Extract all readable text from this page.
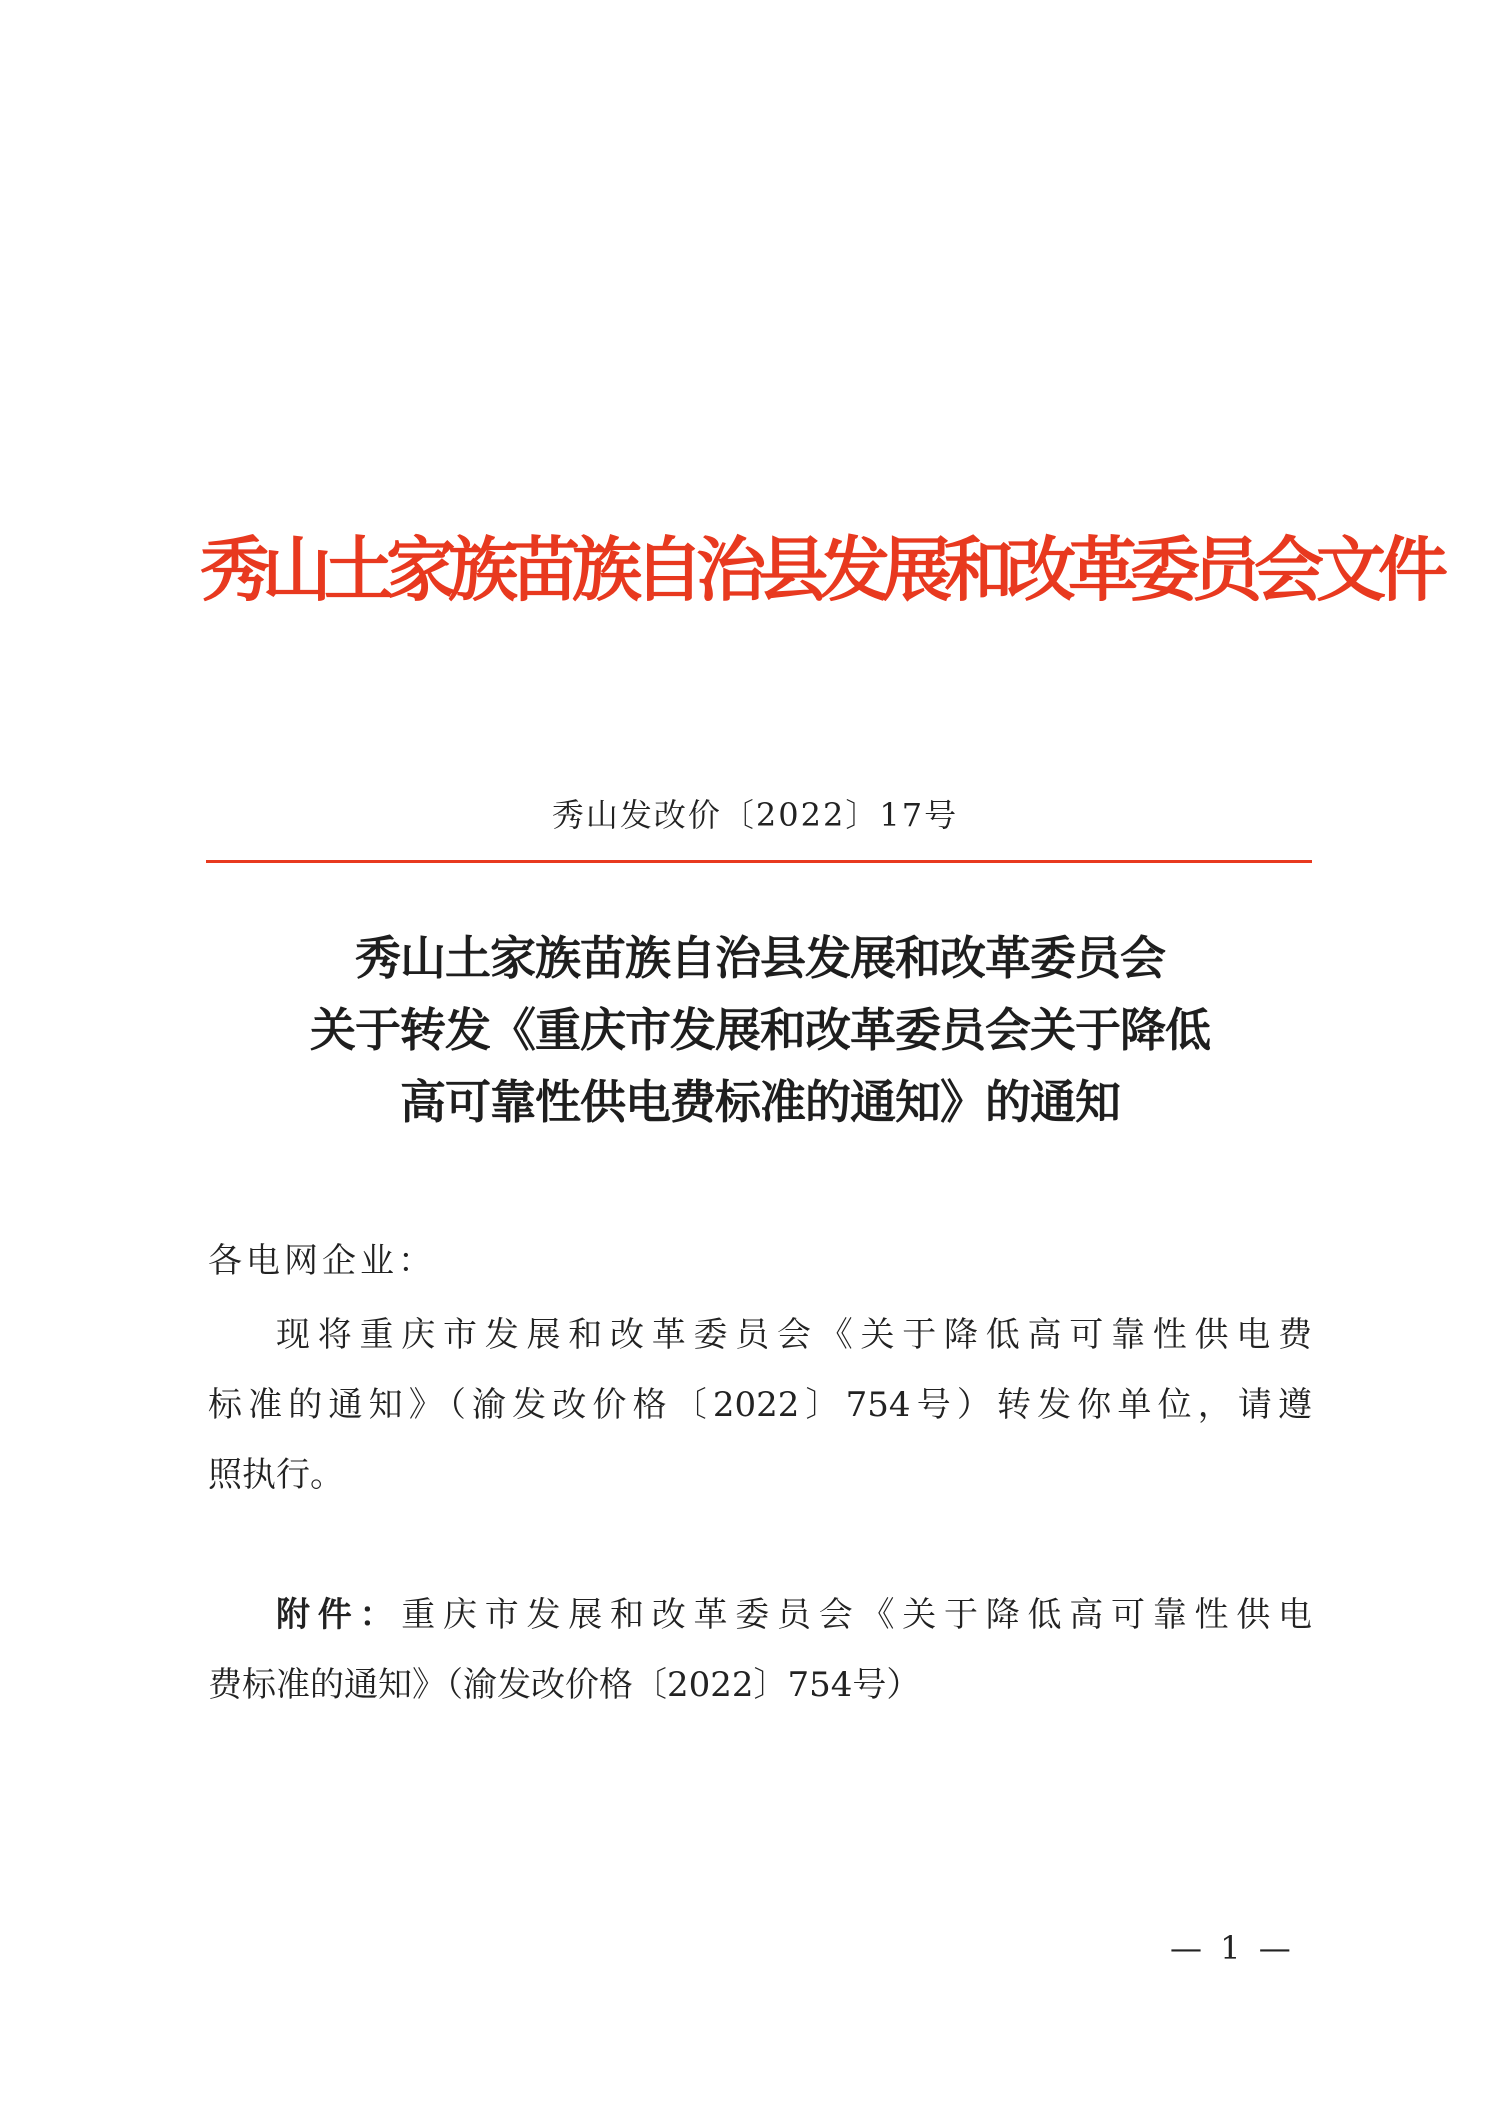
秀山土家族苗族自治县发展和改革委员会文件
秀山发改价〔2022〕17号
秀山土家族苗族自治县发展和改革委员会
关于转发《重庆市发展和改革委员会关于降低
高可靠性供电费标准的通知》的通知
各电网企业：
现将重庆市发展和改革委员会《关于降低高可靠性供电费
标准的通知》（渝发改价格〔2022〕754号）转发你单位，请遵
照执行。
附件：重庆市发展和改革委员会《关于降低高可靠性供电
费标准的通知》（渝发改价格〔2022〕754号）
— 1 —
